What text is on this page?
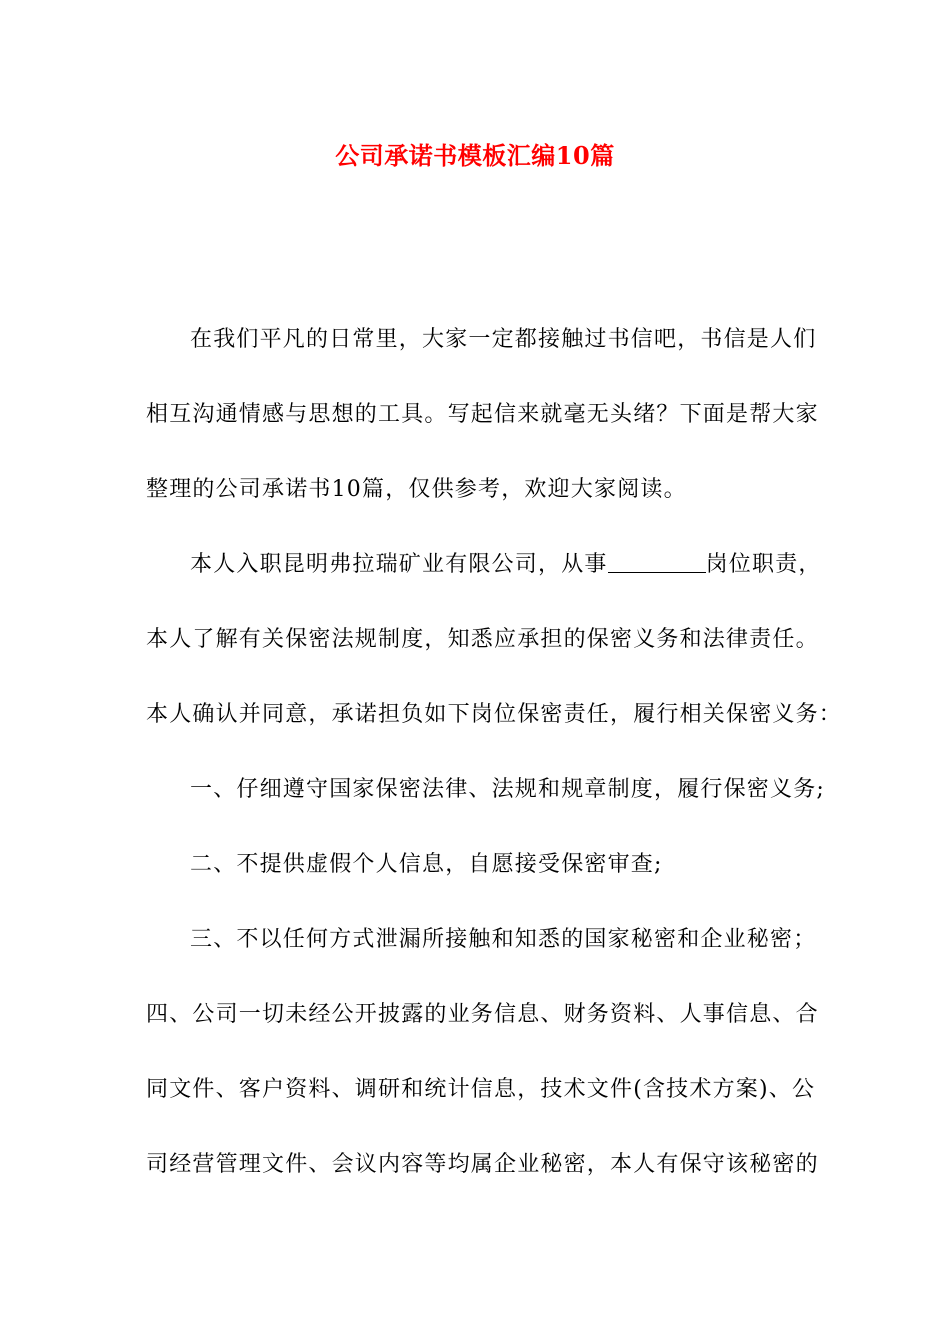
公司承诺书模板汇编10篇
在我们平凡的日常里，大家一定都接触过书信吧，书信是人们
相互沟通情感与思想的工具。写起信来就毫无头绪？下面是帮大家
整理的公司承诺书10篇，仅供参考，欢迎大家阅读。
本人入职昆明弗拉瑞矿业有限公司，从事	岗位职责，
本人了解有关保密法规制度，知悉应承担的保密义务和法律责任。
本人确认并同意，承诺担负如下岗位保密责任，履行相关保密义务：
一、仔细遵守国家保密法律、法规和规章制度，履行保密义务;
二、不提供虚假个人信息，自愿接受保密审查;
三、不以任何方式泄漏所接触和知悉的国家秘密和企业秘密；
四、公司一切未经公开披露的业务信息、财务资料、人事信息、合
同文件、客户资料、调研和统计信息，技术文件(含技术方案)、公
司经营管理文件、会议内容等均属企业秘密，本人有保守该秘密的
